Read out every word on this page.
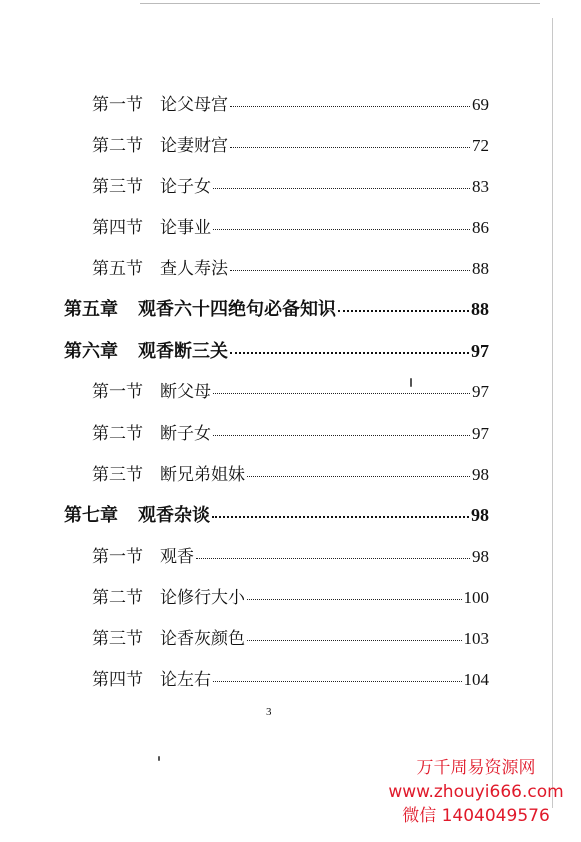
第一节	论父母宫	69
第二节	论妻财宫	72
第三节	论子女	83
第四节	论事业	86
第五节	查人寿法	88
第五章	观香六十四绝句必备知识	88
第六章	观香断三关	97
第一节	断父母	97
第二节	断子女	97
第三节	断兄弟姐妹	98
第七章	观香杂谈	98
第一节	观香	98
第二节	论修行大小	100
第三节	论香灰颜色	103
第四节	论左右	104
3
万千周易资源网
www.zhouyi666.com
微信 1404049576
